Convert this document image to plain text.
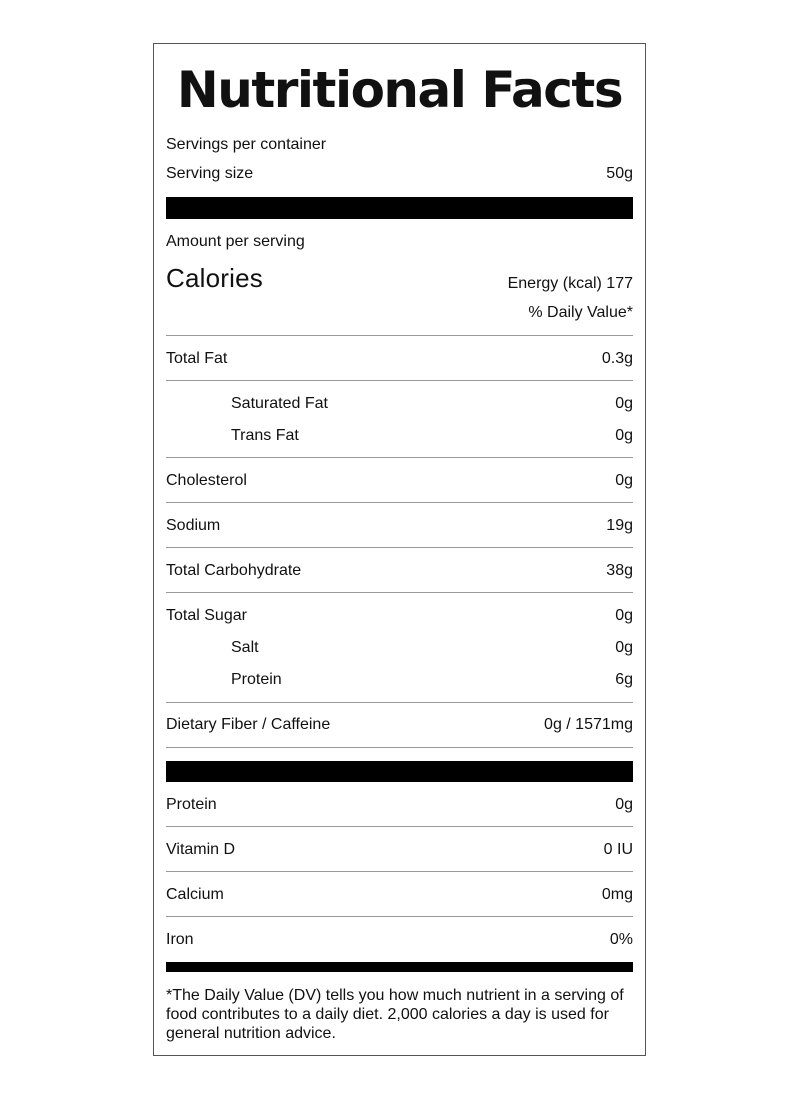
Nutritional Facts
Servings per container
Serving size	50g
Amount per serving
Calories	Energy (kcal) 177
% Daily Value*
Total Fat	0.3g
Saturated Fat	0g
Trans Fat	0g
Cholesterol	0g
Sodium	19g
Total Carbohydrate	38g
Total Sugar	0g
Salt	0g
Protein	6g
Dietary Fiber / Caffeine	0g / 1571mg
Protein	0g
Vitamin D	0 IU
Calcium	0mg
Iron	0%
*The Daily Value (DV) tells you how much nutrient in a serving of food contributes to a daily diet. 2,000 calories a day is used for general nutrition advice.
